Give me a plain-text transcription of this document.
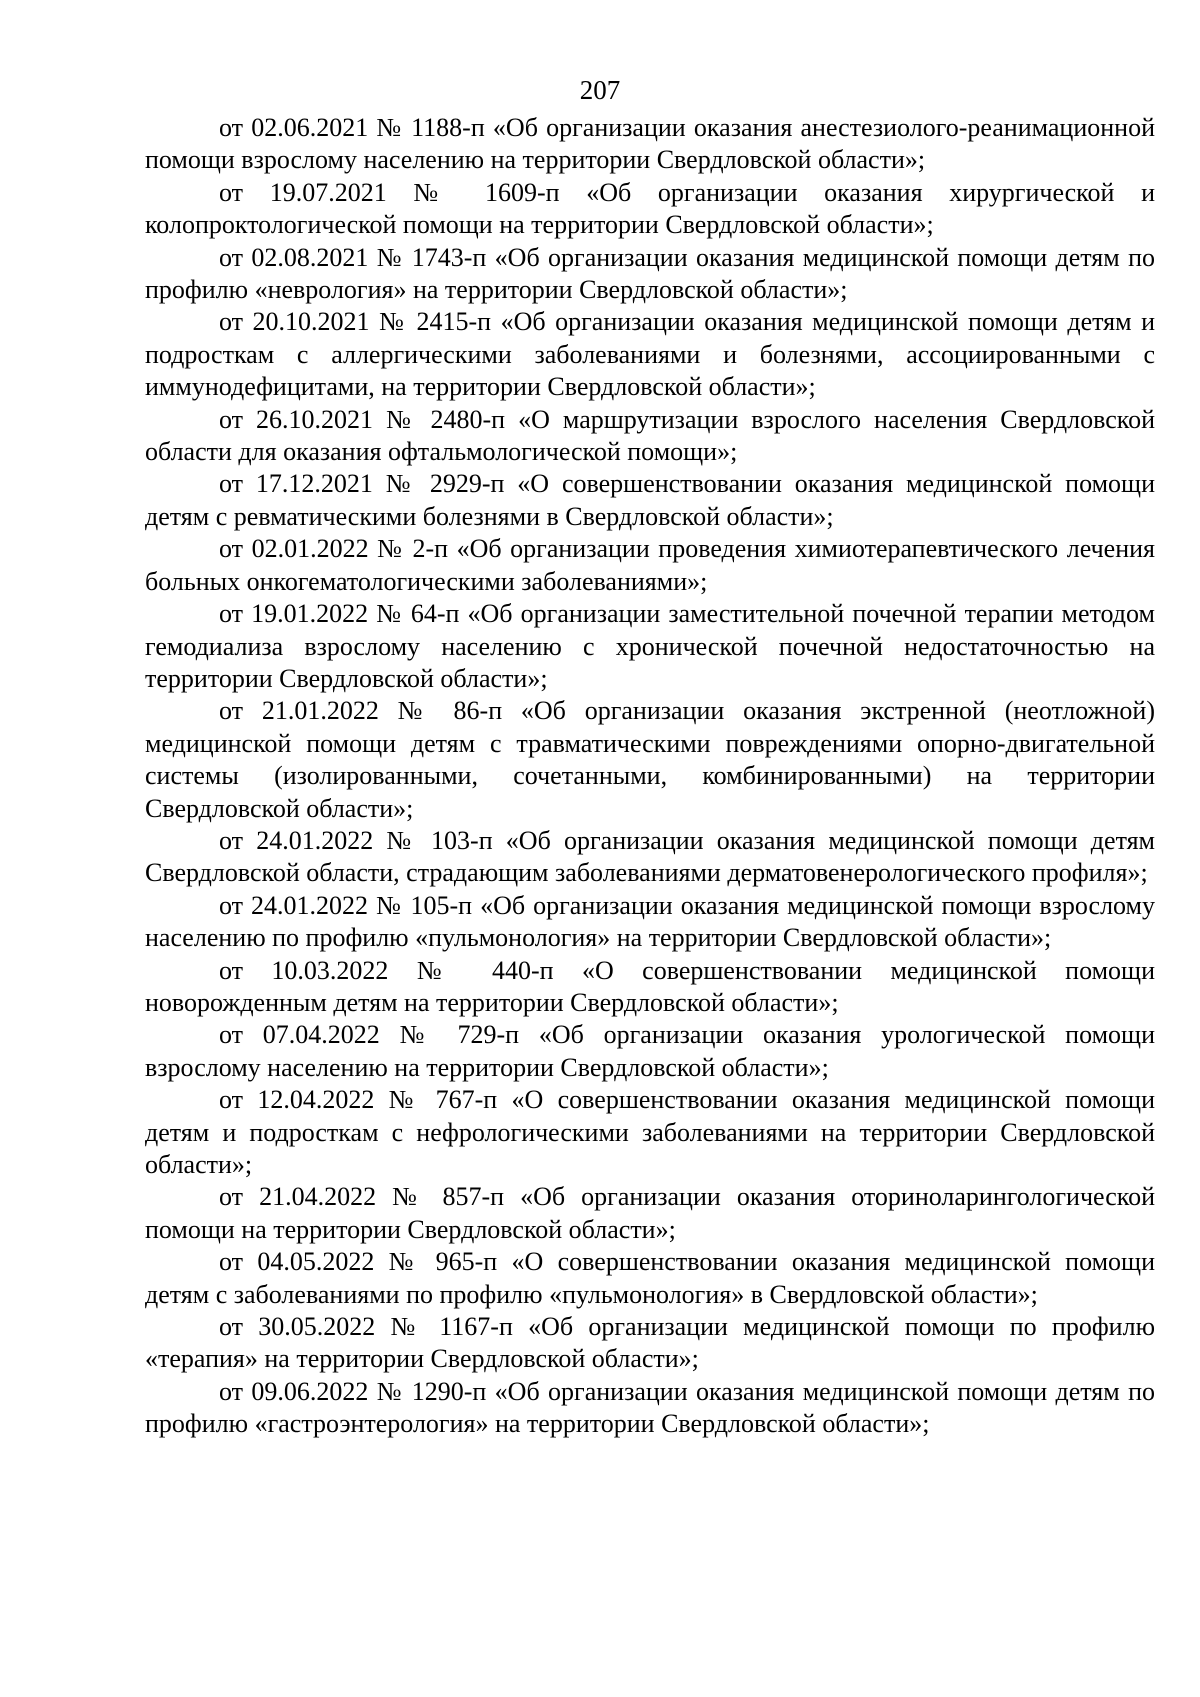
207

от 02.06.2021 № 1188-п «Об организации оказания анестезиолого-реанимационной помощи взрослому населению на территории Свердловской области»;

от 19.07.2021 № 1609-п «Об организации оказания хирургической и колопроктологической помощи на территории Свердловской области»;

от 02.08.2021 № 1743-п «Об организации оказания медицинской помощи детям по профилю «неврология» на территории Свердловской области»;

от 20.10.2021 № 2415-п «Об организации оказания медицинской помощи детям и подросткам с аллергическими заболеваниями и болезнями, ассоциированными с иммунодефицитами, на территории Свердловской области»;

от 26.10.2021 № 2480-п «О маршрутизации взрослого населения Свердловской области для оказания офтальмологической помощи»;

от 17.12.2021 № 2929-п «О совершенствовании оказания медицинской помощи детям с ревматическими болезнями в Свердловской области»;

от 02.01.2022 № 2-п «Об организации проведения химиотерапевтического лечения больных онкогематологическими заболеваниями»;

от 19.01.2022 № 64-п «Об организации заместительной почечной терапии методом гемодиализа взрослому населению с хронической почечной недостаточностью на территории Свердловской области»;

от 21.01.2022 № 86-п «Об организации оказания экстренной (неотложной) медицинской помощи детям с травматическими повреждениями опорно-двигательной системы (изолированными, сочетанными, комбинированными) на территории Свердловской области»;

от 24.01.2022 № 103-п «Об организации оказания медицинской помощи детям Свердловской области, страдающим заболеваниями дерматовенерологического профиля»;

от 24.01.2022 № 105-п «Об организации оказания медицинской помощи взрослому населению по профилю «пульмонология» на территории Свердловской области»;

от 10.03.2022 № 440-п «О совершенствовании медицинской помощи новорожденным детям на территории Свердловской области»;

от 07.04.2022 № 729-п «Об организации оказания урологической помощи взрослому населению на территории Свердловской области»;

от 12.04.2022 № 767-п «О совершенствовании оказания медицинской помощи детям и подросткам с нефрологическими заболеваниями на территории Свердловской области»;

от 21.04.2022 № 857-п «Об организации оказания оториноларингологической помощи на территории Свердловской области»;

от 04.05.2022 № 965-п «О совершенствовании оказания медицинской помощи детям с заболеваниями по профилю «пульмонология» в Свердловской области»;

от 30.05.2022 № 1167-п «Об организации медицинской помощи по профилю «терапия» на территории Свердловской области»;

от 09.06.2022 № 1290-п «Об организации оказания медицинской помощи детям по профилю «гастроэнтерология» на территории Свердловской области»;
